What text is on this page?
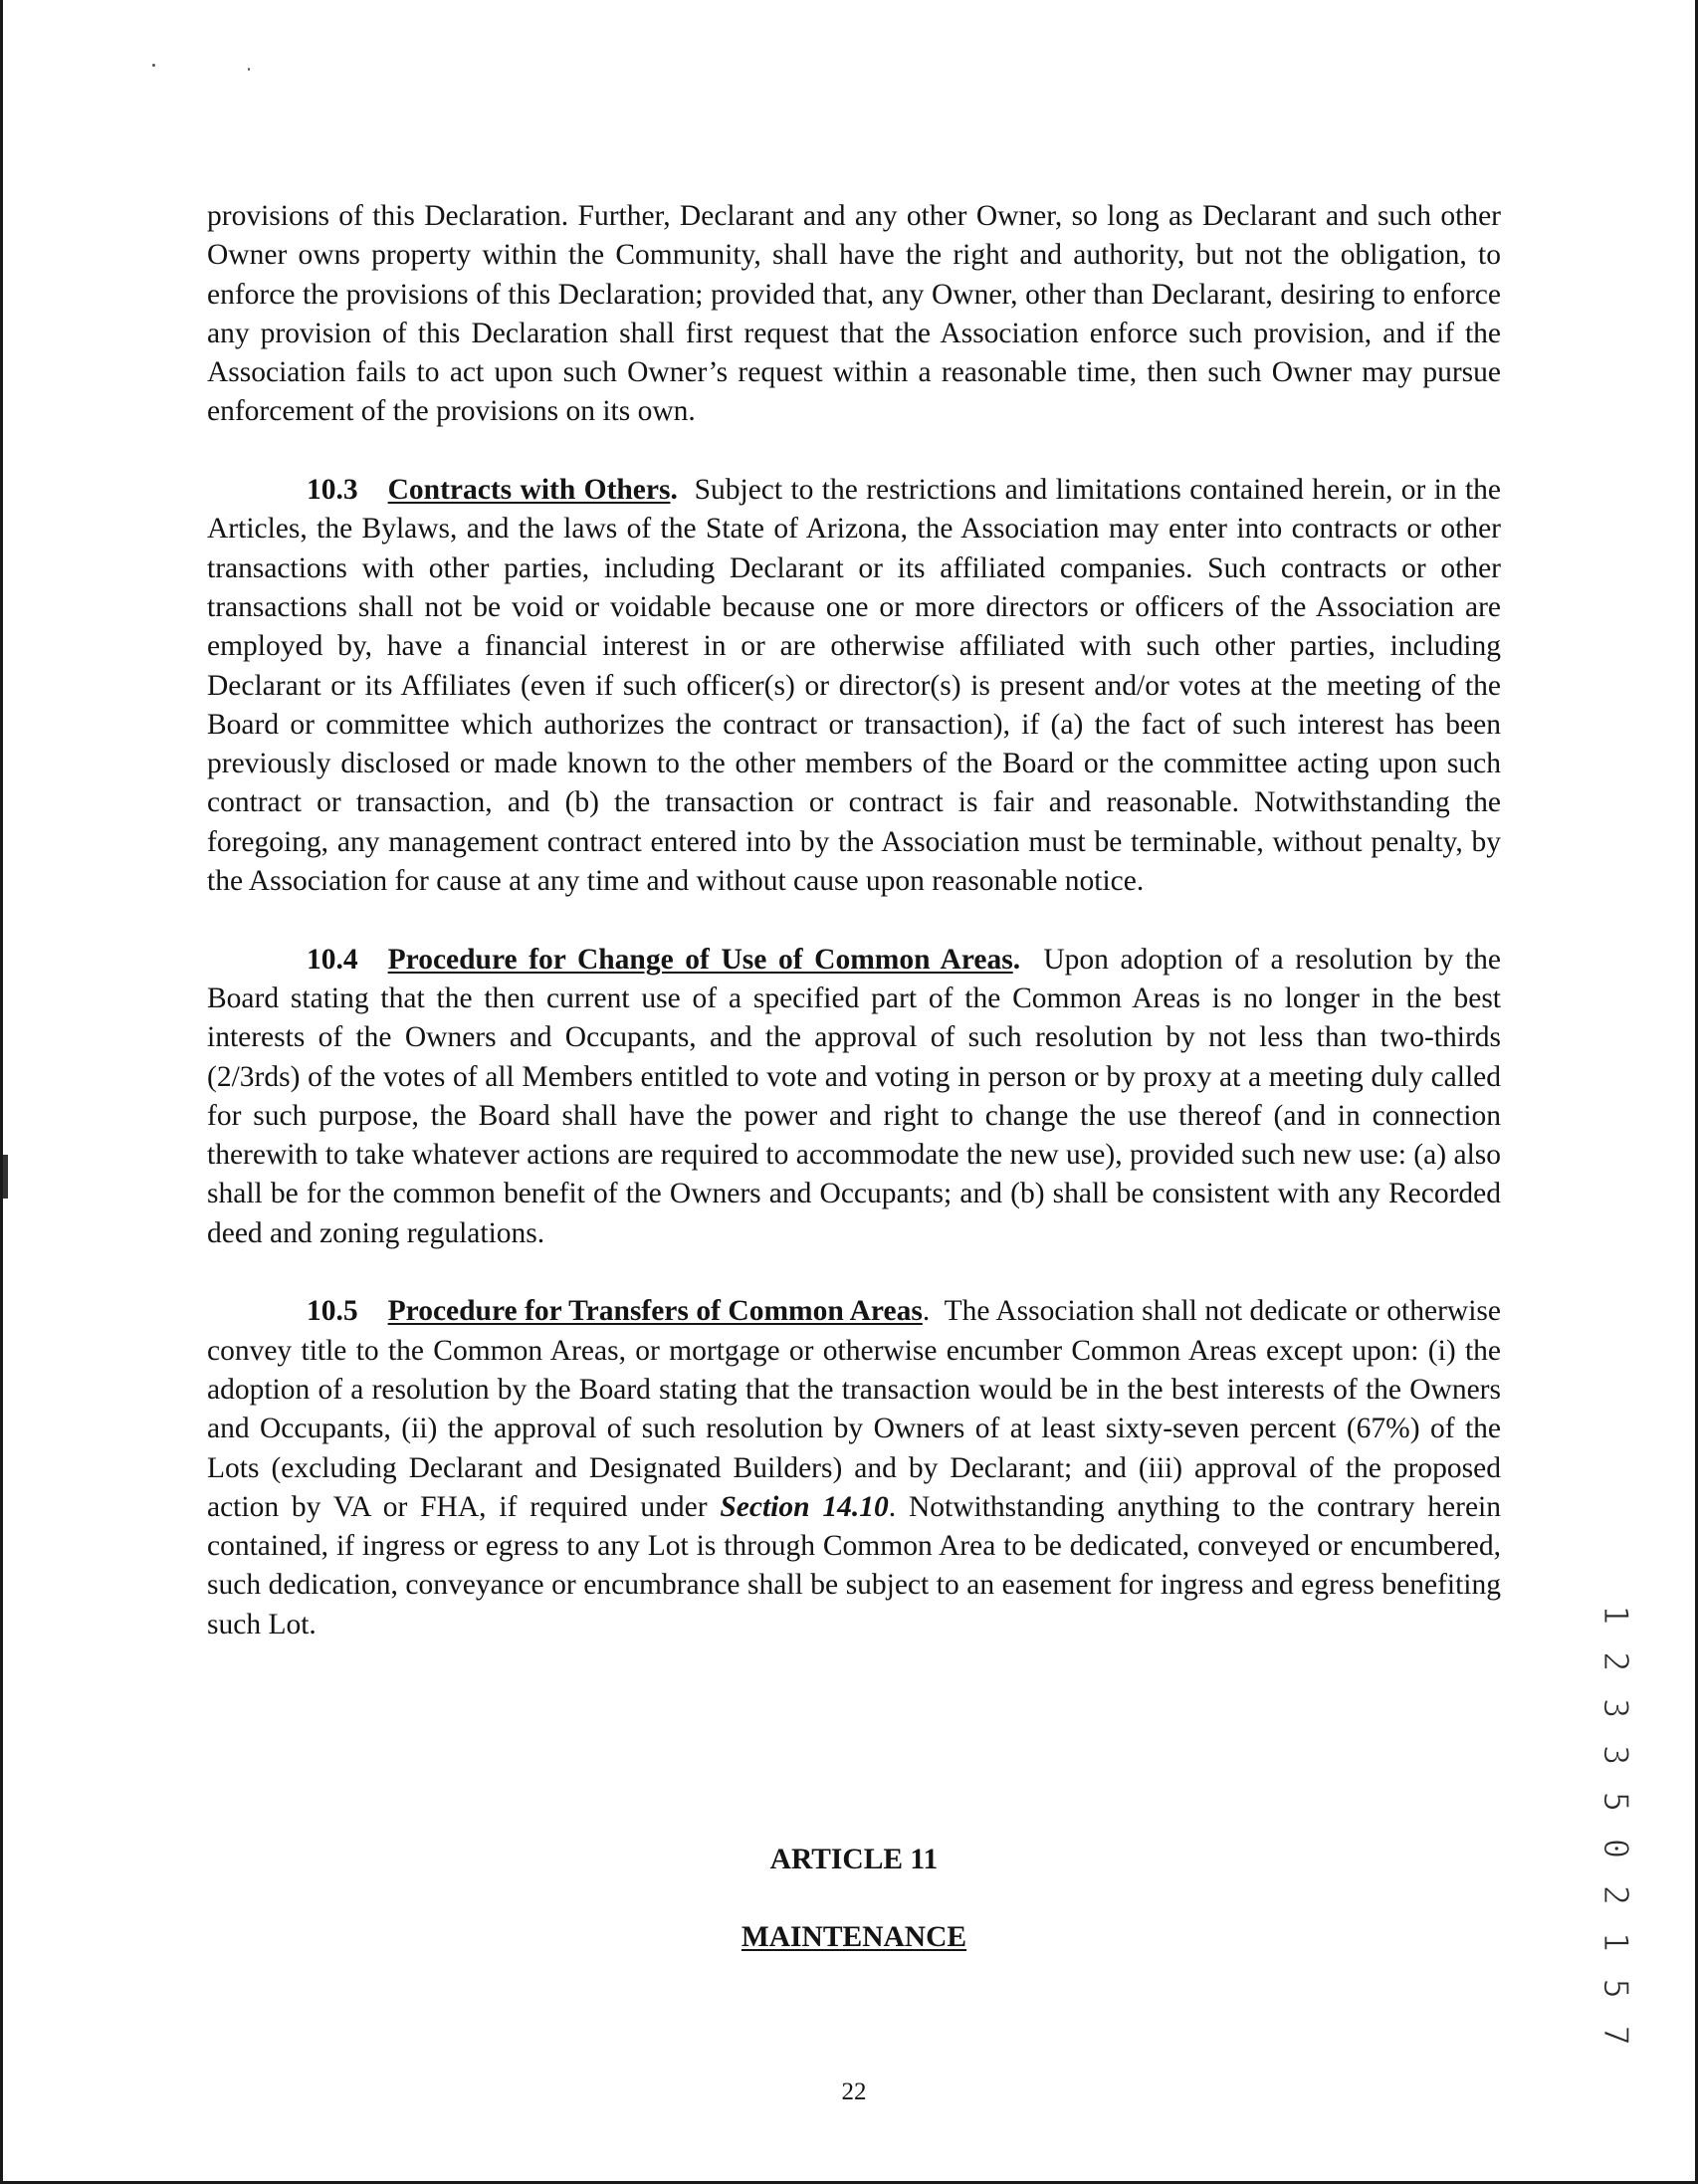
provisions of this Declaration. Further, Declarant and any other Owner, so long as Declarant and such other Owner owns property within the Community, shall have the right and authority, but not the obligation, to enforce the provisions of this Declaration; provided that, any Owner, other than Declarant, desiring to enforce any provision of this Declaration shall first request that the Association enforce such provision, and if the Association fails to act upon such Owner’s request within a reasonable time, then such Owner may pursue enforcement of the provisions on its own.

10.3 Contracts with Others. Subject to the restrictions and limitations contained herein, or in the Articles, the Bylaws, and the laws of the State of Arizona, the Association may enter into contracts or other transactions with other parties, including Declarant or its affiliated companies. Such contracts or other transactions shall not be void or voidable because one or more directors or officers of the Association are employed by, have a financial interest in or are otherwise affiliated with such other parties, including Declarant or its Affiliates (even if such officer(s) or director(s) is present and/or votes at the meeting of the Board or committee which authorizes the contract or transaction), if (a) the fact of such interest has been previously disclosed or made known to the other members of the Board or the committee acting upon such contract or transaction, and (b) the transaction or contract is fair and reasonable. Notwithstanding the foregoing, any management contract entered into by the Association must be terminable, without penalty, by the Association for cause at any time and without cause upon reasonable notice.

10.4 Procedure for Change of Use of Common Areas. Upon adoption of a resolution by the Board stating that the then current use of a specified part of the Common Areas is no longer in the best interests of the Owners and Occupants, and the approval of such resolution by not less than two-thirds (2/3rds) of the votes of all Members entitled to vote and voting in person or by proxy at a meeting duly called for such purpose, the Board shall have the power and right to change the use thereof (and in connection therewith to take whatever actions are required to accommodate the new use), provided such new use: (a) also shall be for the common benefit of the Owners and Occupants; and (b) shall be consistent with any Recorded deed and zoning regulations.

10.5 Procedure for Transfers of Common Areas.  The Association shall not dedicate or otherwise convey title to the Common Areas, or mortgage or otherwise encumber Common Areas except upon: (i) the adoption of a resolution by the Board stating that the transaction would be in the best interests of the Owners and Occupants, (ii) the approval of such resolution by Owners of at least sixty-seven percent (67%) of the Lots (excluding Declarant and Designated Builders) and by Declarant; and (iii) approval of the proposed action by VA or FHA, if required under Section 14.10. Notwithstanding anything to the contrary herein contained, if ingress or egress to any Lot is through Common Area to be dedicated, conveyed or encumbered, such dedication, conveyance or encumbrance shall be subject to an easement for ingress and egress benefiting such Lot.

ARTICLE 11
MAINTENANCE
22
1 2 3 3 5 0 2 1 5 7
